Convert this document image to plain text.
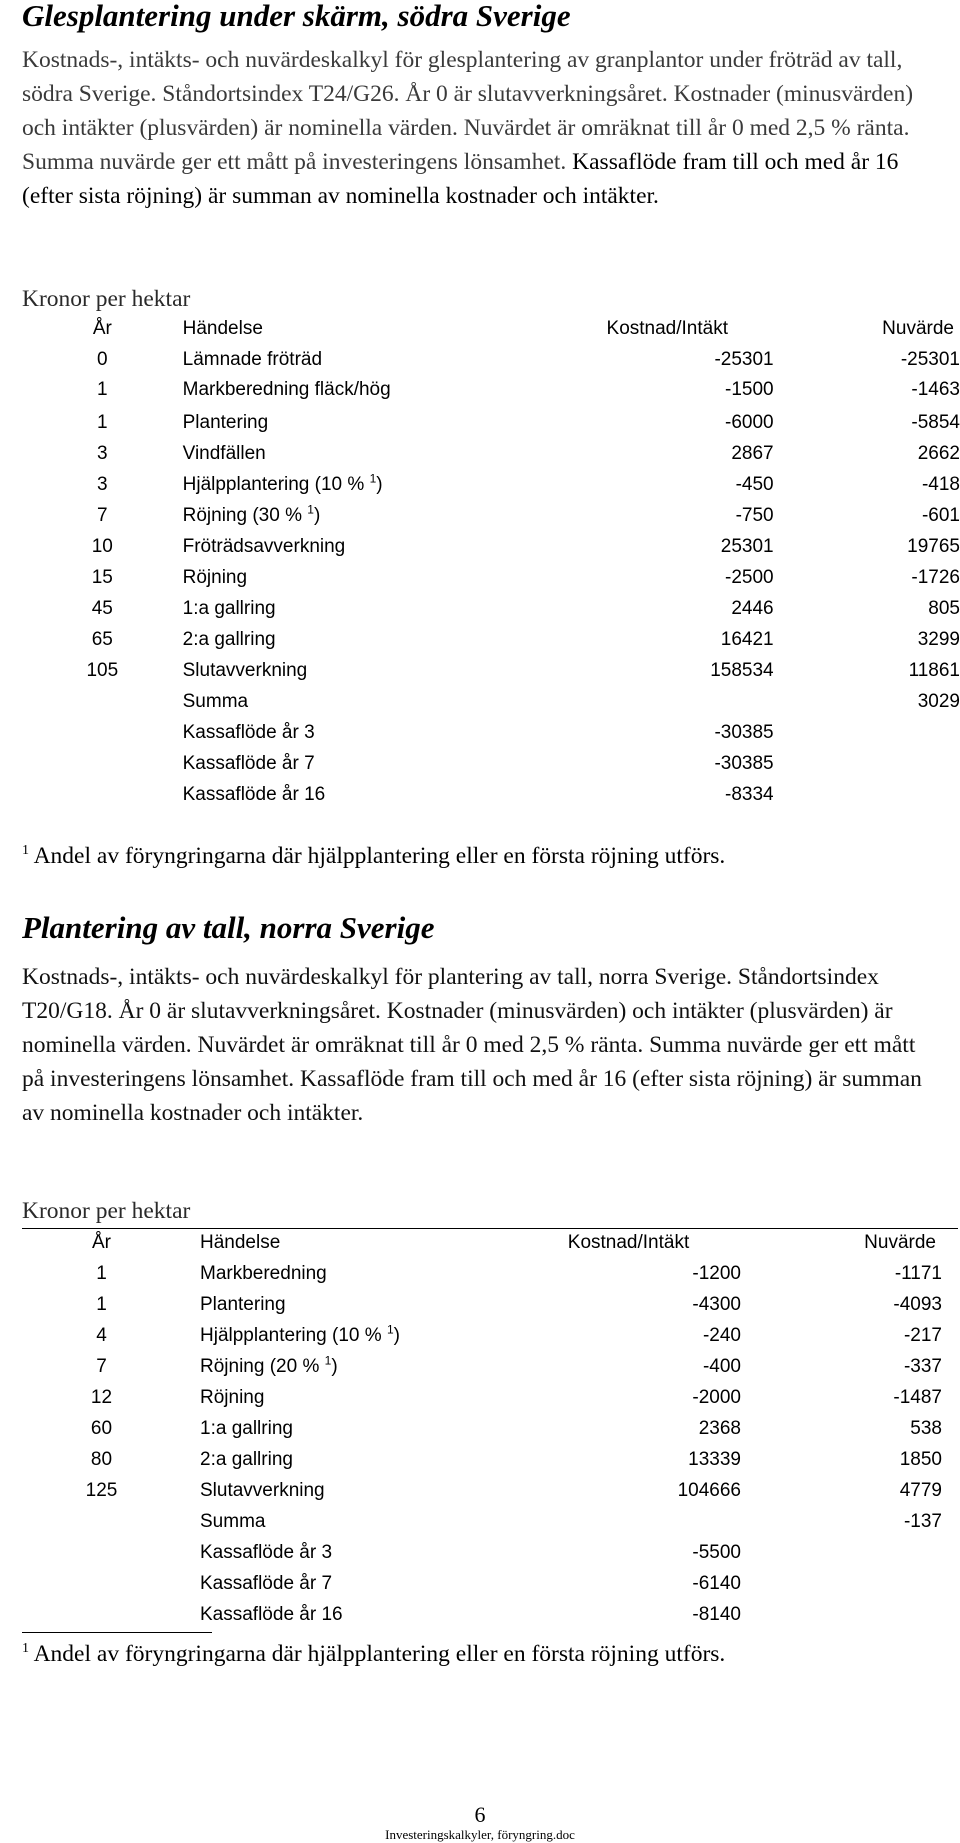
Glesplantering under skärm, södra Sverige

Kostnads-, intäkts- och nuvärdeskalkyl för glesplantering av granplantor under fröträd av tall, södra Sverige. Ståndortsindex T24/G26. År 0 är slutavverkningsåret. Kostnader (minusvärden) och intäkter (plusvärden) är nominella värden. Nuvärdet är omräknat till år 0 med 2,5 % ränta. Summa nuvärde ger ett mått på investeringens lönsamhet. Kassaflöde fram till och med år 16 (efter sista röjning) är summan av nominella kostnader och intäkter.

Kronor per hektar

År	Händelse	Kostnad/Intäkt	Nuvärde
0	Lämnade fröträd	-25301	-25301
1	Markberedning fläck/hög	-1500	-1463
1	Plantering	-6000	-5854
3	Vindfällen	2867	2662
3	Hjälpplantering (10 % $^1$)	-450	-418
7	Röjning (30 % $^1$)	-750	-601
10	Fröträdsavverkning	25301	19765
15	Röjning	-2500	-1726
45	1:a gallring	2446	805
65	2:a gallring	16421	3299
105	Slutavverkning	158534	11861
	Summa		3029
	Kassaflöde år 3	-30385	
	Kassaflöde år 7	-30385	
	Kassaflöde år 16	-8334	

$^1$ Andel av föryngringarna där hjälpplantering eller en första röjning utförs.

Plantering av tall, norra Sverige

Kostnads-, intäkts- och nuvärdeskalkyl för plantering av tall, norra Sverige. Ståndortsindex T20/G18. År 0 är slutavverkningsåret. Kostnader (minusvärden) och intäkter (plusvärden) är nominella värden. Nuvärdet är omräknat till år 0 med 2,5 % ränta. Summa nuvärde ger ett mått på investeringens lönsamhet. Kassaflöde fram till och med år 16 (efter sista röjning) är summan av nominella kostnader och intäkter.

Kronor per hektar

År	Händelse	Kostnad/Intäkt	Nuvärde
1	Markberedning	-1200	-1171
1	Plantering	-4300	-4093
4	Hjälpplantering (10 % $^1$)	-240	-217
7	Röjning (20 % $^1$)	-400	-337
12	Röjning	-2000	-1487
60	1:a gallring	2368	538
80	2:a gallring	13339	1850
125	Slutavverkning	104666	4779
	Summa		-137
	Kassaflöde år 3	-5500	
	Kassaflöde år 7	-6140	
	Kassaflöde år 16	-8140	

$^1$ Andel av föryngringarna där hjälpplantering eller en första röjning utförs.

6

Investeringskalkyler, föryngring.doc
